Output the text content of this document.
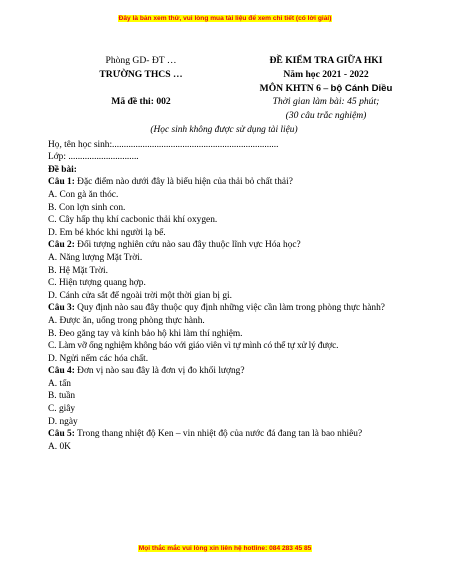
Đây là bản xem thử, vui lòng mua tài liệu để xem chi tiết (có lời giải)
Phòng GD- ĐT …
TRƯỜNG THCS …
Mã đề thi: 002
ĐỀ KIỂM TRA GIỮA HKI
Năm học 2021 - 2022
MÔN KHTN 6 – bộ Cánh Diều
Thời gian làm bài: 45 phút;
(30 câu trắc nghiệm)
(Học sinh không được sử dụng tài liệu)
Họ, tên học sinh:.......................................................................
Lớp: ..............................
Đề bài:
Câu 1: Đặc điểm nào dưới đây là biểu hiện của thải bỏ chất thải?
A. Con gà ăn thóc.
B. Con lợn sinh con.
C. Cây hấp thụ khí cacbonic thải khí oxygen.
D. Em bé khóc khi người lạ bế.
Câu 2: Đối tượng nghiên cứu nào sau đây thuộc lĩnh vực Hóa học?
A. Năng lượng Mặt Trời.
B. Hệ Mặt Trời.
C. Hiện tượng quang hợp.
D. Cánh cửa sắt để ngoài trời một thời gian bị gỉ.
Câu 3: Quy định nào sau đây thuộc quy định những việc cần làm trong phòng thực hành?
A. Được ăn, uống trong phòng thực hành.
B. Đeo găng tay và kính bảo hộ khi làm thí nghiệm.
C. Làm vỡ ống nghiệm không báo với giáo viên vì tự mình có thể tự xử lý được.
D. Ngửi nếm các hóa chất.
Câu 4: Đơn vị nào sau đây là đơn vị đo khối lượng?
A. tấn
B. tuần
C. giây
D. ngày
Câu 5: Trong thang nhiệt độ Ken – vin nhiệt độ của nước đá đang tan là bao nhiêu?
A. 0K
Mọi thắc mắc vui lòng xin liên hệ hotline: 084 283 45 85
